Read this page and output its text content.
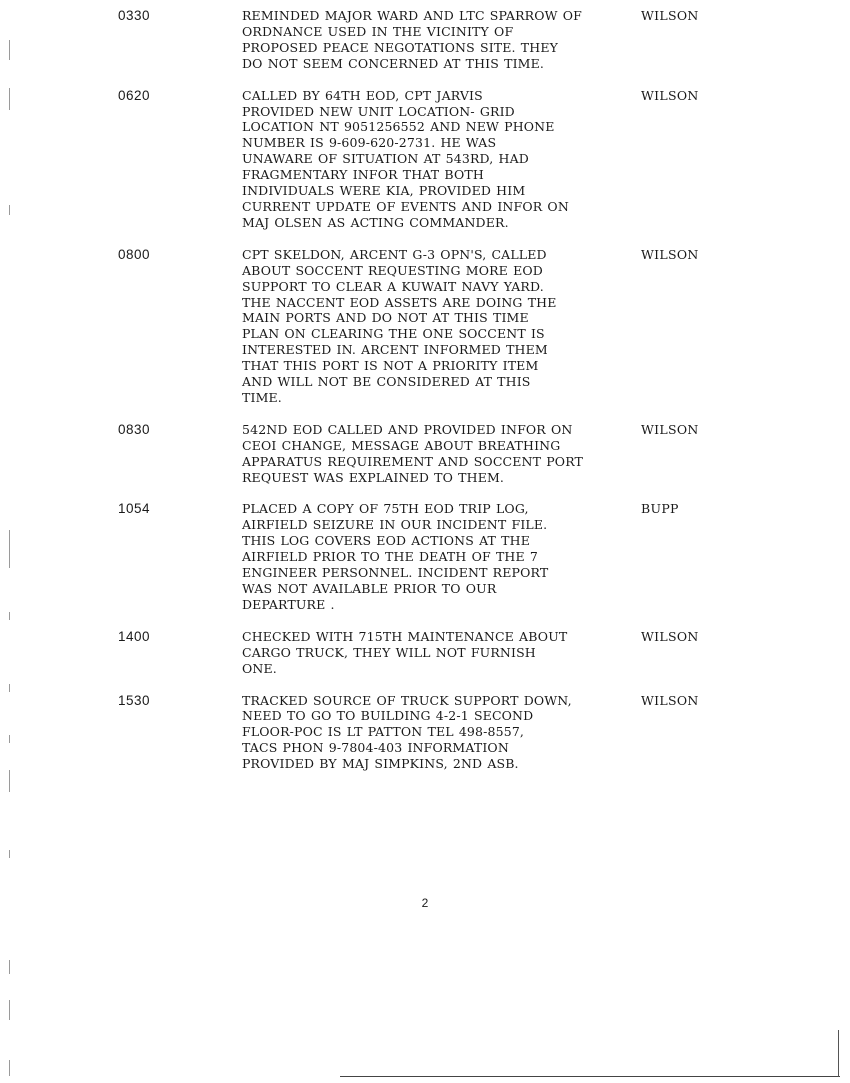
0330	REMINDED MAJOR WARD AND LTC SPARROW OF
ORDNANCE USED IN THE VICINITY OF
PROPOSED PEACE NEGOTATIONS SITE. THEY
DO NOT SEEM CONCERNED AT THIS TIME.
WILSON
0620	CALLED BY 64TH EOD, CPT JARVIS
PROVIDED NEW UNIT LOCATION- GRID
LOCATION NT 9051256552 AND NEW PHONE
NUMBER IS 9-609-620-2731. HE WAS
UNAWARE OF SITUATION AT 543RD, HAD
FRAGMENTARY INFOR THAT BOTH
INDIVIDUALS WERE KIA, PROVIDED HIM
CURRENT UPDATE OF EVENTS AND INFOR ON
MAJ OLSEN AS ACTING COMMANDER.
WILSON
0800	CPT SKELDON, ARCENT G-3 OPN'S, CALLED
ABOUT SOCCENT REQUESTING MORE EOD
SUPPORT TO CLEAR A KUWAIT NAVY YARD.
THE NACCENT EOD ASSETS ARE DOING THE
MAIN PORTS AND DO NOT AT THIS TIME
PLAN ON CLEARING THE ONE SOCCENT IS
INTERESTED IN. ARCENT INFORMED THEM
THAT THIS PORT IS NOT A PRIORITY ITEM
AND WILL NOT BE CONSIDERED AT THIS
TIME.
WILSON
0830	542ND EOD CALLED AND PROVIDED INFOR ON
CEOI CHANGE, MESSAGE ABOUT BREATHING
APPARATUS REQUIREMENT AND SOCCENT PORT
REQUEST WAS EXPLAINED TO THEM.
WILSON
1054	PLACED A COPY OF 75TH EOD TRIP LOG,
AIRFIELD SEIZURE IN OUR INCIDENT FILE.
THIS LOG COVERS EOD ACTIONS AT THE
AIRFIELD PRIOR TO THE DEATH OF THE 7
ENGINEER PERSONNEL. INCIDENT REPORT
WAS NOT AVAILABLE PRIOR TO OUR
DEPARTURE .
BUPP
1400	CHECKED WITH 715TH MAINTENANCE ABOUT
CARGO TRUCK, THEY WILL NOT FURNISH
ONE.
WILSON
1530	TRACKED SOURCE OF TRUCK SUPPORT DOWN,
NEED TO GO TO BUILDING 4-2-1 SECOND
FLOOR-POC IS LT PATTON TEL 498-8557,
TACS PHON 9-7804-403 INFORMATION
PROVIDED BY MAJ SIMPKINS, 2ND ASB.
WILSON
2
